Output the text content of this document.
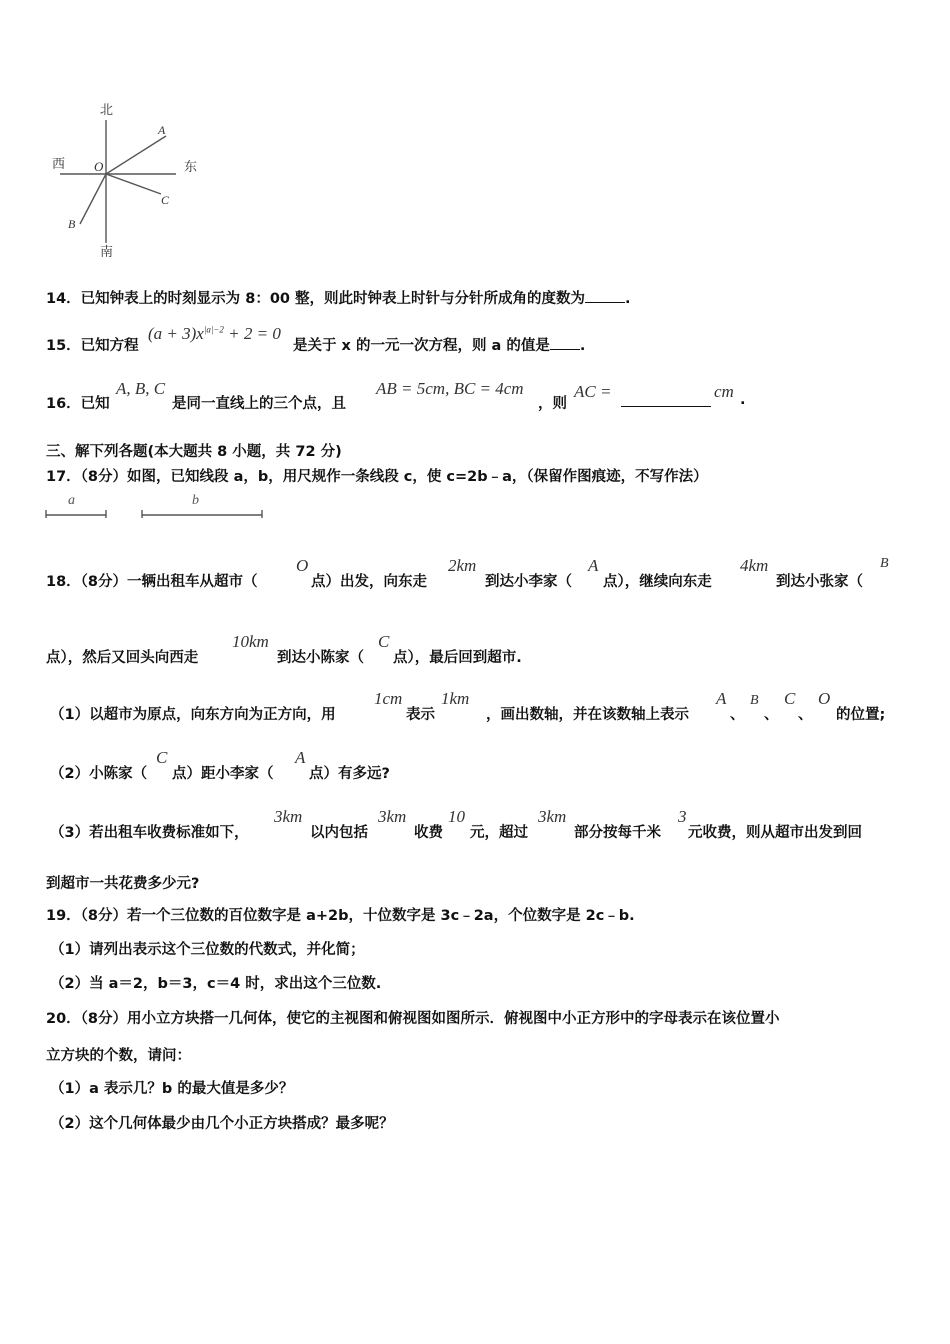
北
南
东
西 O
A
C
B
14．已知钟表上的时刻显示为 8：00 整，则此时钟表上时针与分针所成角的度数为	.
15．已知方程
$(a + 3)x^{|a|-2} + 2 = 0$
是关于 x 的一元一次方程，则 a 的值是 .
16．已知
A, B, C
是同一直线上的三个点，且
AB = 5cm, BC = 4cm
，则
AC =	cm .
三、解下列各题(本大题共 8 小题，共 72 分)
17．（8分）如图，已知线段 a，b，用尺规作一条线段 c，使 c=2b﹣a，（保留作图痕迹，不写作法）
a	b
18．（8分）一辆出租车从超市（
O
点）出发，向东走
2km
到达小李家（
A
点），继续向东走
4km
到达小张家（
B
点），然后又回头向西走
10km
到达小陈家（
C
点），最后回到超市.
（1）以超市为原点，向东方向为正方向，用
1cm
表示
1km
，画出数轴，并在该数轴上表示
A
、
B
、
C
、
O
的位置;
（2）小陈家（
C
点）距小李家（
A
点）有多远?
（3）若出租车收费标准如下，
3km
以内包括
3km
收费
10
元，超过
3km
部分按每千米
3
元收费，则从超市出发到回
到超市一共花费多少元?
19．（8分）若一个三位数的百位数字是 a+2b，十位数字是 3c﹣2a，个位数字是 2c﹣b.
（1）请列出表示这个三位数的代数式，并化简；
（2）当 a＝2，b＝3，c＝4 时，求出这个三位数.
20．（8分）用小立方块搭一几何体，使它的主视图和俯视图如图所示．俯视图中小正方形中的字母表示在该位置小
立方块的个数，请问：
（1）a 表示几？b 的最大值是多少？
（2）这个几何体最少由几个小正方块搭成？最多呢？
